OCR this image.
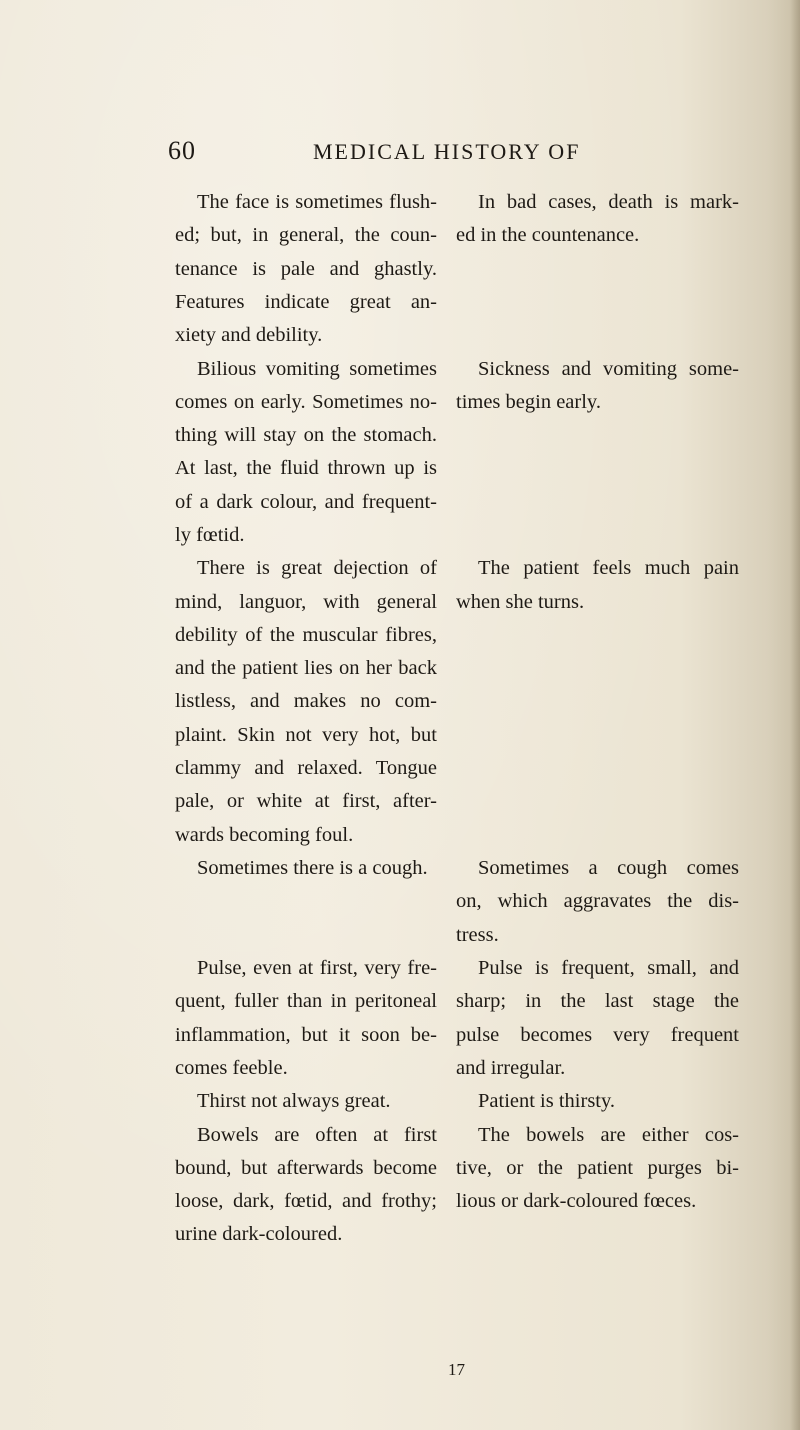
60	MEDICAL HISTORY OF
The face is sometimes flush-
ed; but, in general, the coun-
tenance is pale and ghastly.
Features indicate great an-
xiety and debility.
Bilious vomiting sometimes
comes on early. Sometimes no-
thing will stay on the stomach.
At last, the fluid thrown up is
of a dark colour, and frequent-
ly fœtid.
There is great dejection of
mind, languor, with general
debility of the muscular fibres,
and the patient lies on her back
listless, and makes no com-
plaint. Skin not very hot, but
clammy and relaxed. Tongue
pale, or white at first, after-
wards becoming foul.
Sometimes there is a cough.
Pulse, even at first, very fre-
quent, fuller than in peritoneal
inflammation, but it soon be-
comes feeble.
Thirst not always great.
Bowels are often at first
bound, but afterwards become
loose, dark, fœtid, and frothy;
urine dark-coloured.
In bad cases, death is mark-
ed in the countenance.
Sickness and vomiting some-
times begin early.
The patient feels much pain
when she turns.
Sometimes a cough comes
on, which aggravates the dis-
tress.
Pulse is frequent, small, and
sharp; in the last stage the
pulse becomes very frequent
and irregular.
Patient is thirsty.
The bowels are either cos-
tive, or the patient purges bi-
lious or dark-coloured fœces.
17
